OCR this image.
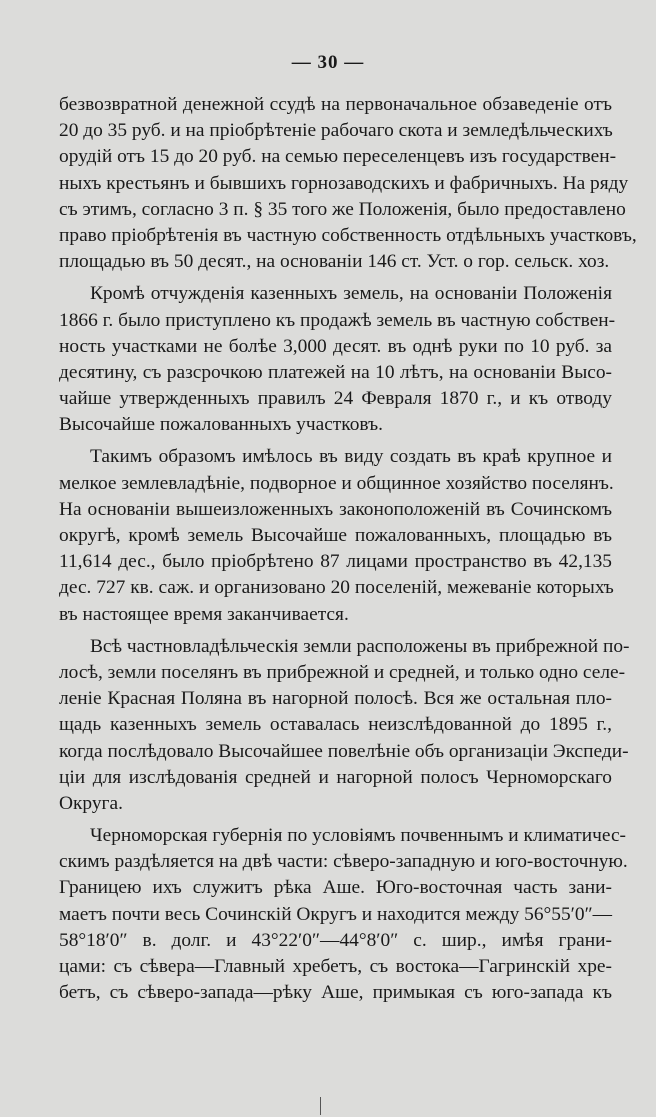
— 30 —
безвозвратной денежной ссудѣ на первоначальное обзаведеніе отъ
20 до 35 руб. и на пріобрѣтеніе рабочаго скота и земледѣльческихъ
орудій отъ 15 до 20 руб. на семью переселенцевъ изъ государствен-
ныхъ крестьянъ и бывшихъ горнозаводскихъ и фабричныхъ. На ряду
съ этимъ, согласно 3 п. § 35 того же Положенія, было предоставлено
право пріобрѣтенія въ частную собственность отдѣльныхъ участковъ,
площадью въ 50 десят., на основаніи 146 ст. Уст. о гор. сельск. хоз.
Кромѣ отчужденія казенныхъ земель, на основаніи Положенія
1866 г. было приступлено къ продажѣ земель въ частную собствен-
ность участками не болѣе 3,000 десят. въ однѣ руки по 10 руб. за
десятину, съ разсрочкою платежей на 10 лѣтъ, на основаніи Высо-
чайше утвержденныхъ правилъ 24 Февраля 1870 г., и къ отводу
Высочайше пожалованныхъ участковъ.
Такимъ образомъ имѣлось въ виду создать въ краѣ крупное и
мелкое землевладѣніе, подворное и общинное хозяйство поселянъ.
На основаніи вышеизложенныхъ законоположеній въ Сочинскомъ
округѣ, кромѣ земель Высочайше пожалованныхъ, площадью въ
11,614 дес., было пріобрѣтено 87 лицами пространство въ 42,135
дес. 727 кв. саж. и организовано 20 поселеній, межеваніе которыхъ
въ настоящее время заканчивается.
Всѣ частновладѣльческія земли расположены въ прибрежной по-
лосѣ, земли поселянъ въ прибрежной и средней, и только одно селе-
леніе Красная Поляна въ нагорной полосѣ. Вся же остальная пло-
щадь казенныхъ земель оставалась неизслѣдованной до 1895 г.,
когда послѣдовало Высочайшее повелѣніе объ организаціи Экспеди-
ціи для изслѣдованія средней и нагорной полосъ Черноморскаго
Округа.
Черноморская губернія по условіямъ почвеннымъ и климатичес-
скимъ раздѣляется на двѣ части: сѣверо-западную и юго-восточную.
Границею ихъ служитъ рѣка Аше. Юго-восточная часть зани-
маетъ почти весь Сочинскій Округъ и находится между 56°55′0″—
58°18′0″ в. долг. и 43°22′0″—44°8′0″ с. шир., имѣя грани-
цами: съ сѣвера—Главный хребетъ, съ востока—Гагринскій хре-
бетъ, съ сѣверо-запада—рѣку Аше, примыкая съ юго-запада къ
